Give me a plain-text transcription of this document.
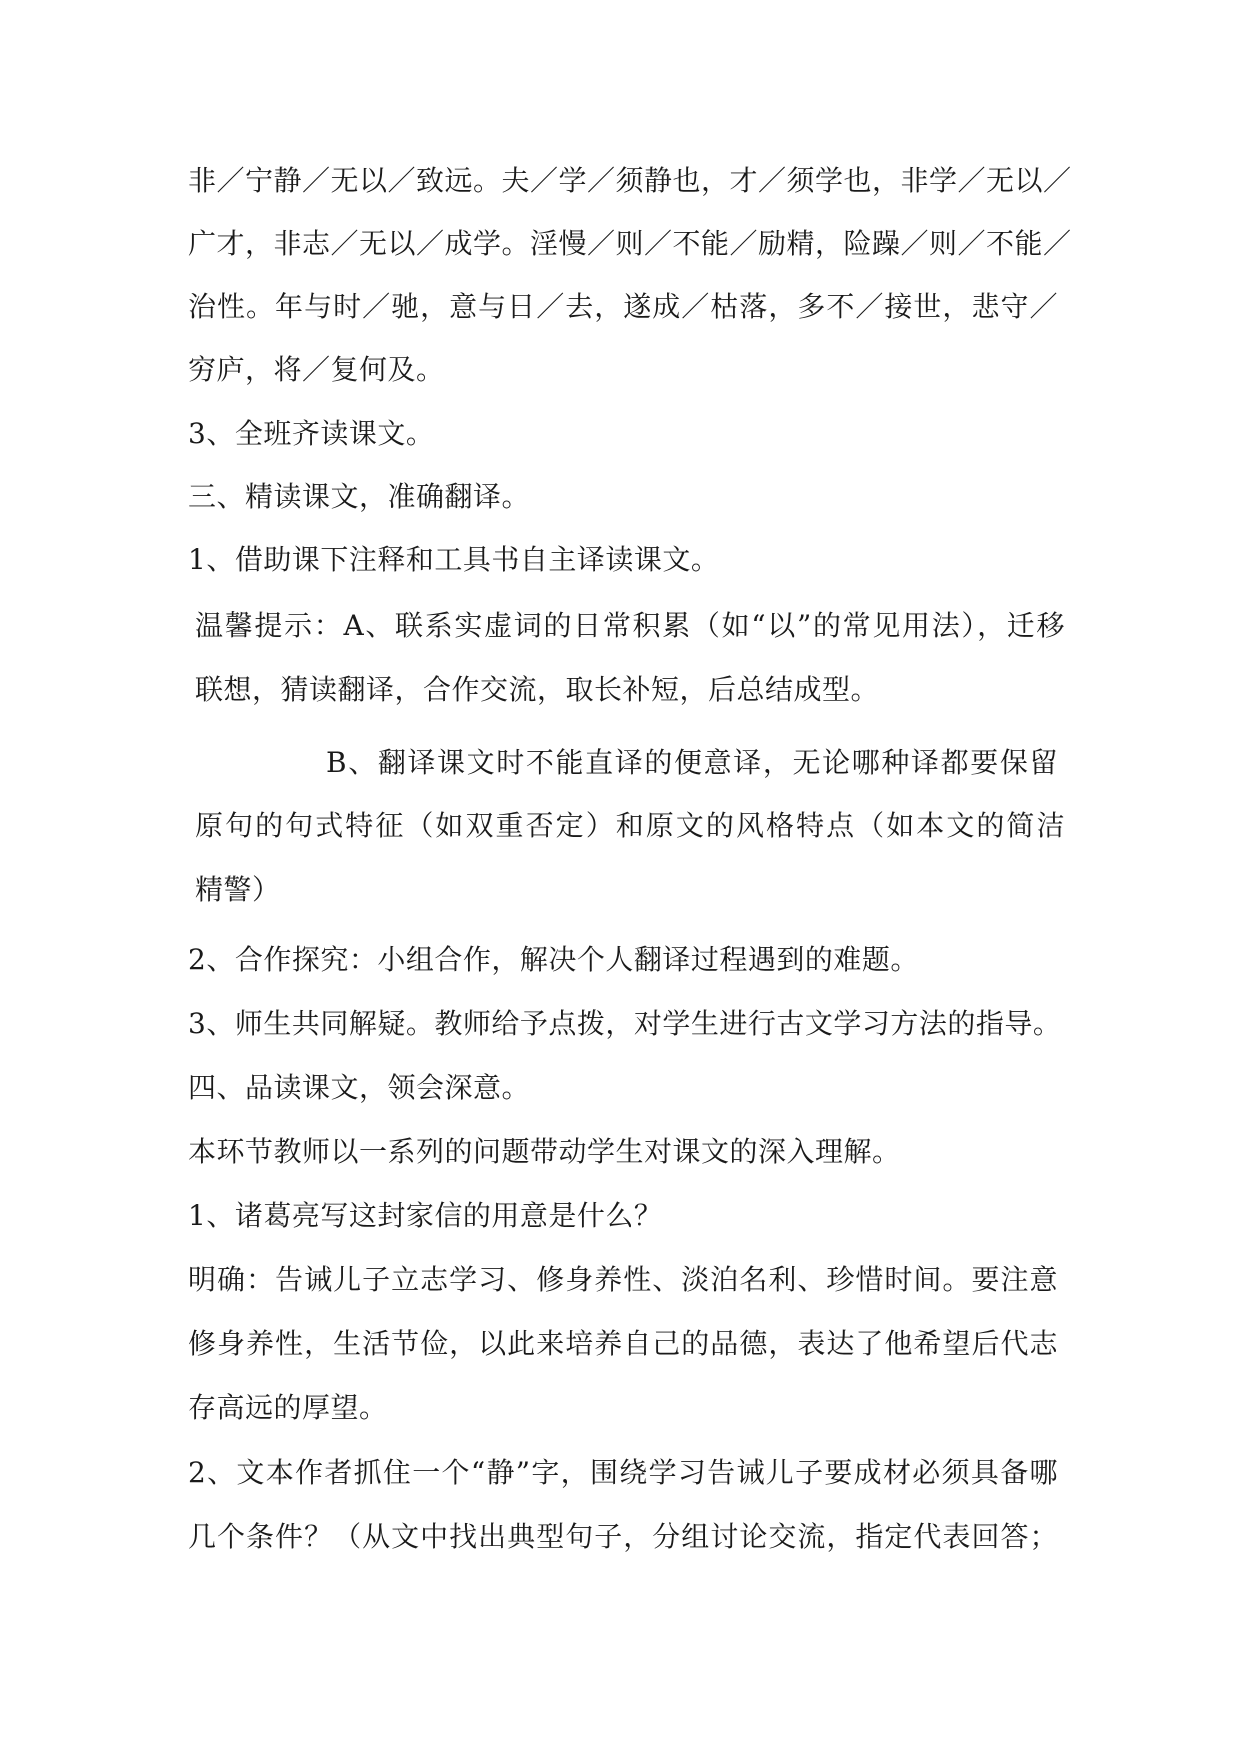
非／宁静／无以／致远。夫／学／须静也，才／须学也，非学／无以／
广才，非志／无以／成学。淫慢／则／不能／励精，险躁／则／不能／
治性。年与时／驰，意与日／去，遂成／枯落，多不／接世，悲守／
穷庐，将／复何及。
3、全班齐读课文。
三、精读课文，准确翻译。
1、借助课下注释和工具书自主译读课文。
温馨提示：A、联系实虚词的日常积累（如“以”的常见用法），迁移
联想，猜读翻译，合作交流，取长补短，后总结成型。
B、翻译课文时不能直译的便意译，无论哪种译都要保留
原句的句式特征（如双重否定）和原文的风格特点（如本文的简洁
精警）
2、合作探究：小组合作，解决个人翻译过程遇到的难题。
3、师生共同解疑。教师给予点拨，对学生进行古文学习方法的指导。
四、品读课文，领会深意。
本环节教师以一系列的问题带动学生对课文的深入理解。
1、诸葛亮写这封家信的用意是什么？
明确：告诫儿子立志学习、修身养性、淡泊名利、珍惜时间。要注意
修身养性，生活节俭，以此来培养自己的品德，表达了他希望后代志
存高远的厚望。
2、文本作者抓住一个“静”字，围绕学习告诫儿子要成材必须具备哪
几个条件？（从文中找出典型句子，分组讨论交流，指定代表回答；
